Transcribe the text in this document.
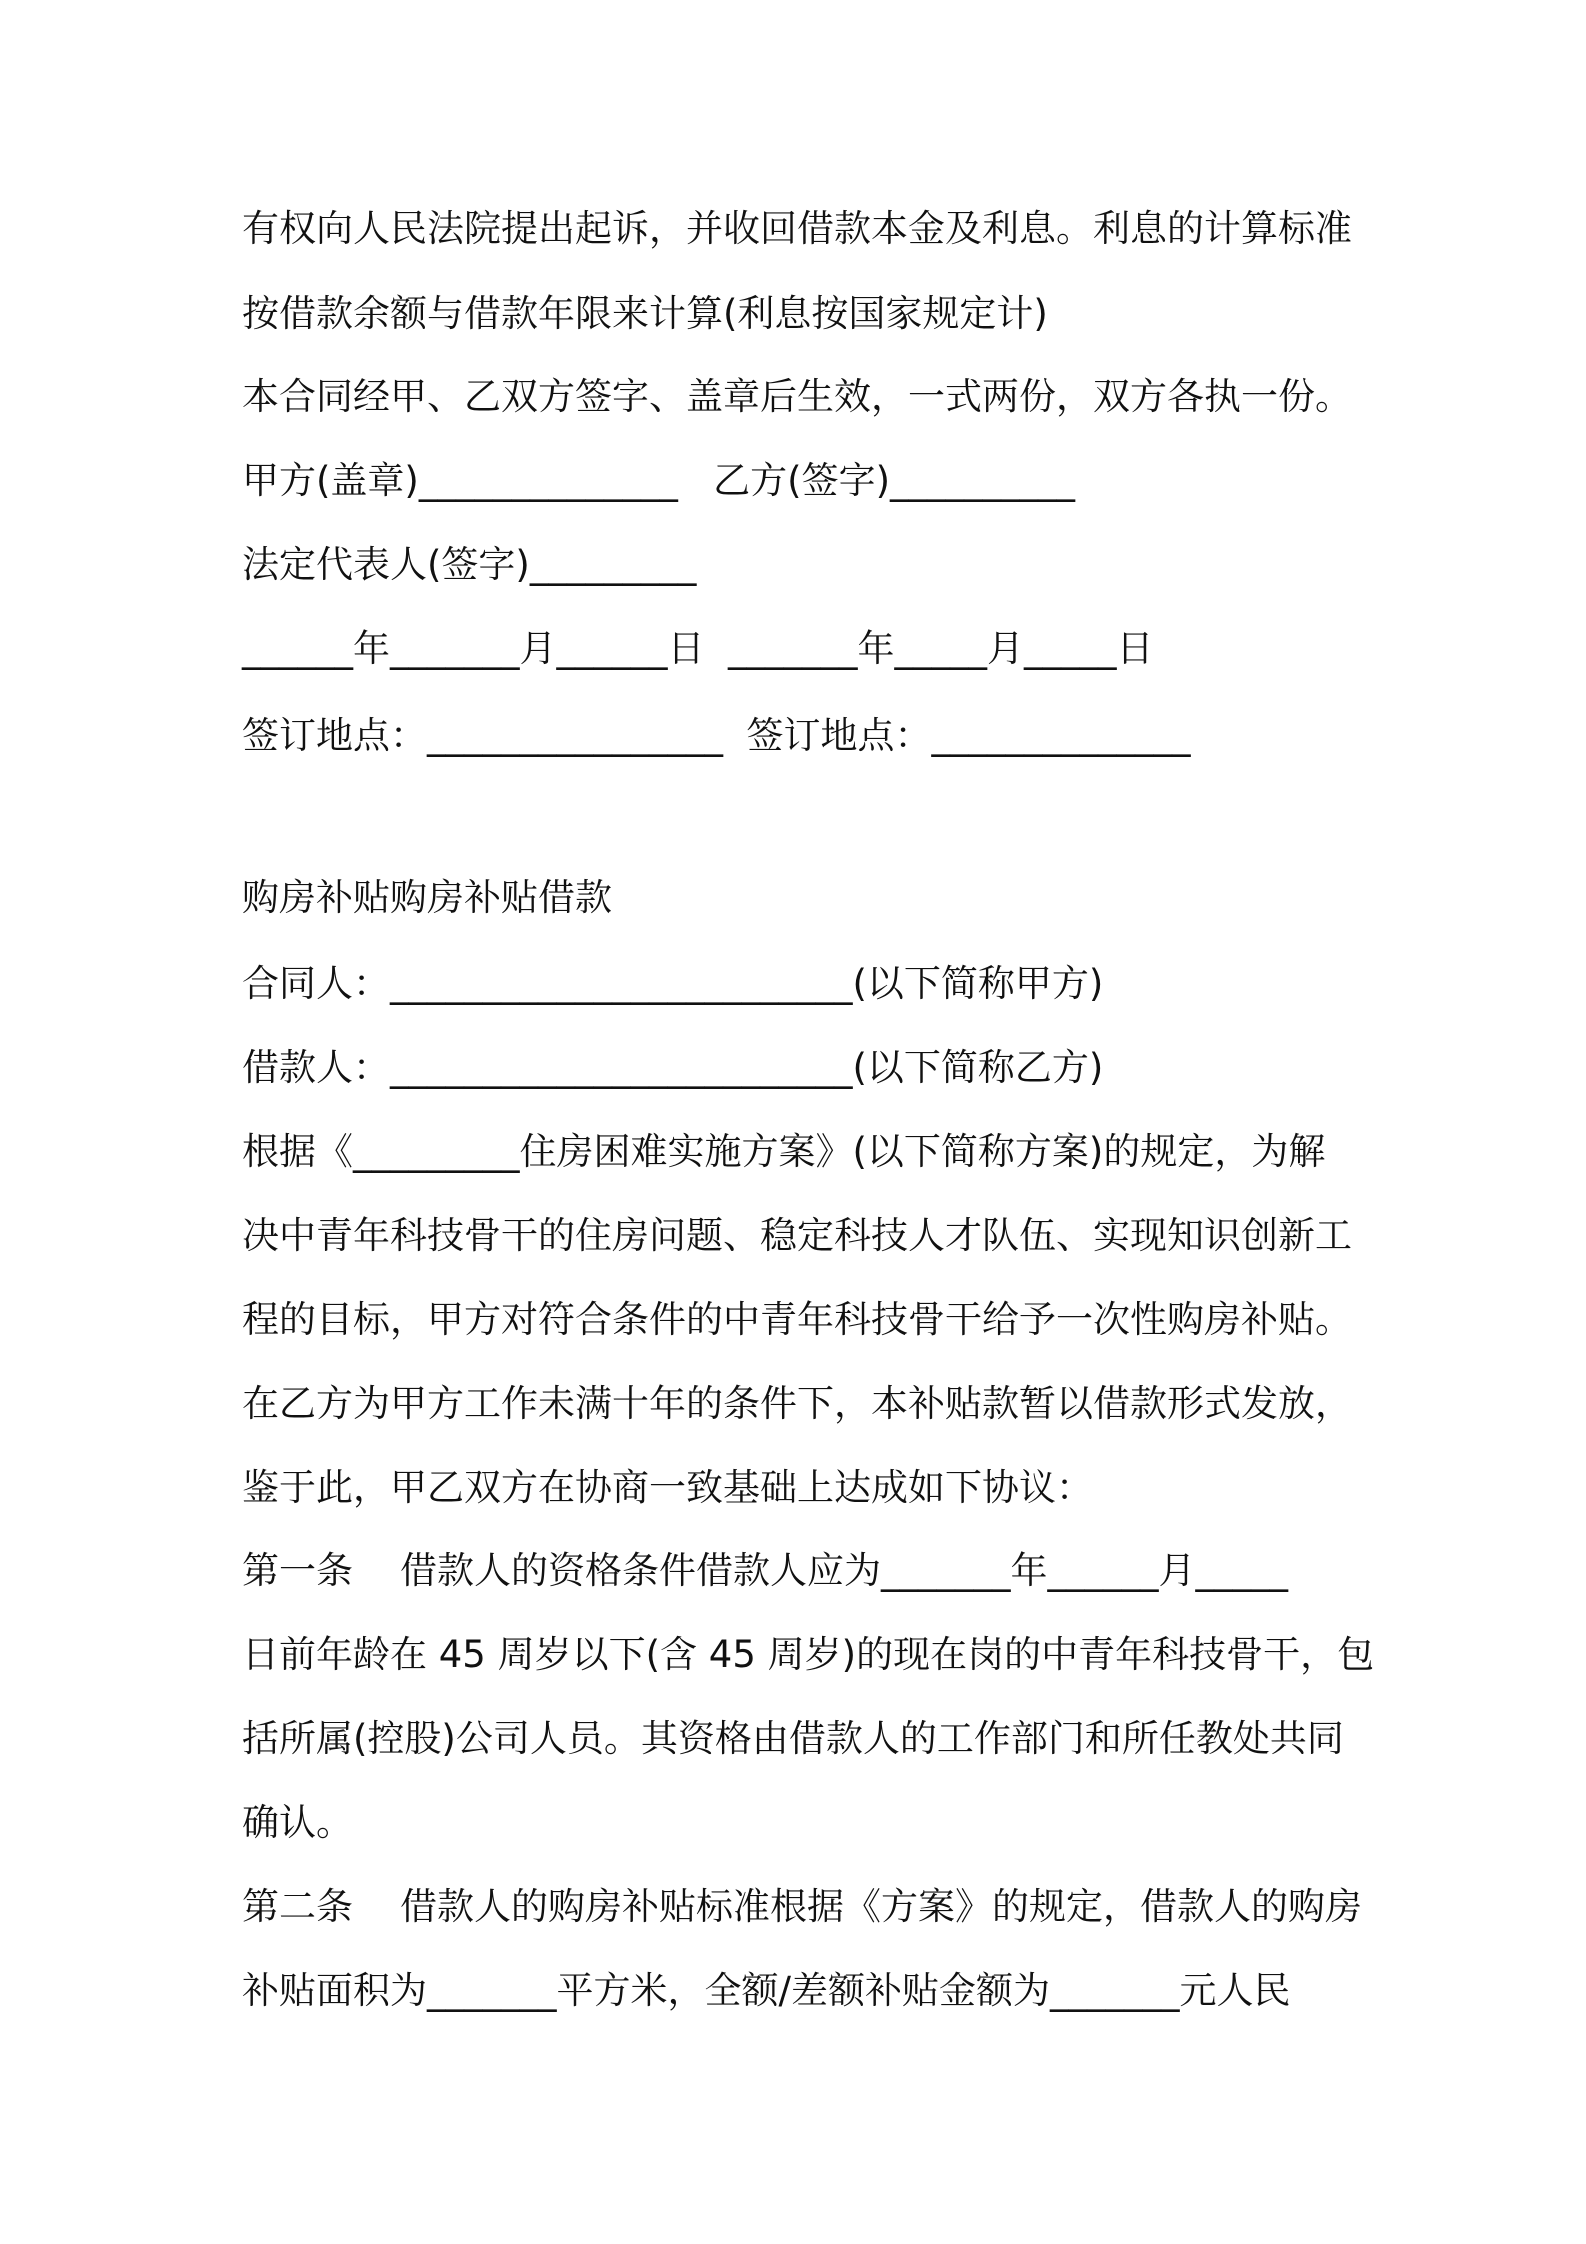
有权向人民法院提出起诉，并收回借款本金及利息。利息的计算标准
按借款余额与借款年限来计算(利息按国家规定计)
本合同经甲、乙双方签字、盖章后生效，一式两份，双方各执一份。
甲方(盖章)______________   乙方(签字)__________
法定代表人(签字)_________
______年_______月______日  _______年_____月_____日
签订地点：________________  签订地点：______________
购房补贴购房补贴借款
合同人：_________________________(以下简称甲方)
借款人：_________________________(以下简称乙方)
根据《_________住房困难实施方案》(以下简称方案)的规定，为解
决中青年科技骨干的住房问题、稳定科技人才队伍、实现知识创新工
程的目标，甲方对符合条件的中青年科技骨干给予一次性购房补贴。
在乙方为甲方工作未满十年的条件下，本补贴款暂以借款形式发放，
鉴于此，甲乙双方在协商一致基础上达成如下协议：
第一条    借款人的资格条件借款人应为_______年______月_____
日前年龄在 45 周岁以下(含 45 周岁)的现在岗的中青年科技骨干，包
括所属(控股)公司人员。其资格由借款人的工作部门和所任教处共同
确认。
第二条    借款人的购房补贴标准根据《方案》的规定，借款人的购房
补贴面积为_______平方米，全额/差额补贴金额为_______元人民
